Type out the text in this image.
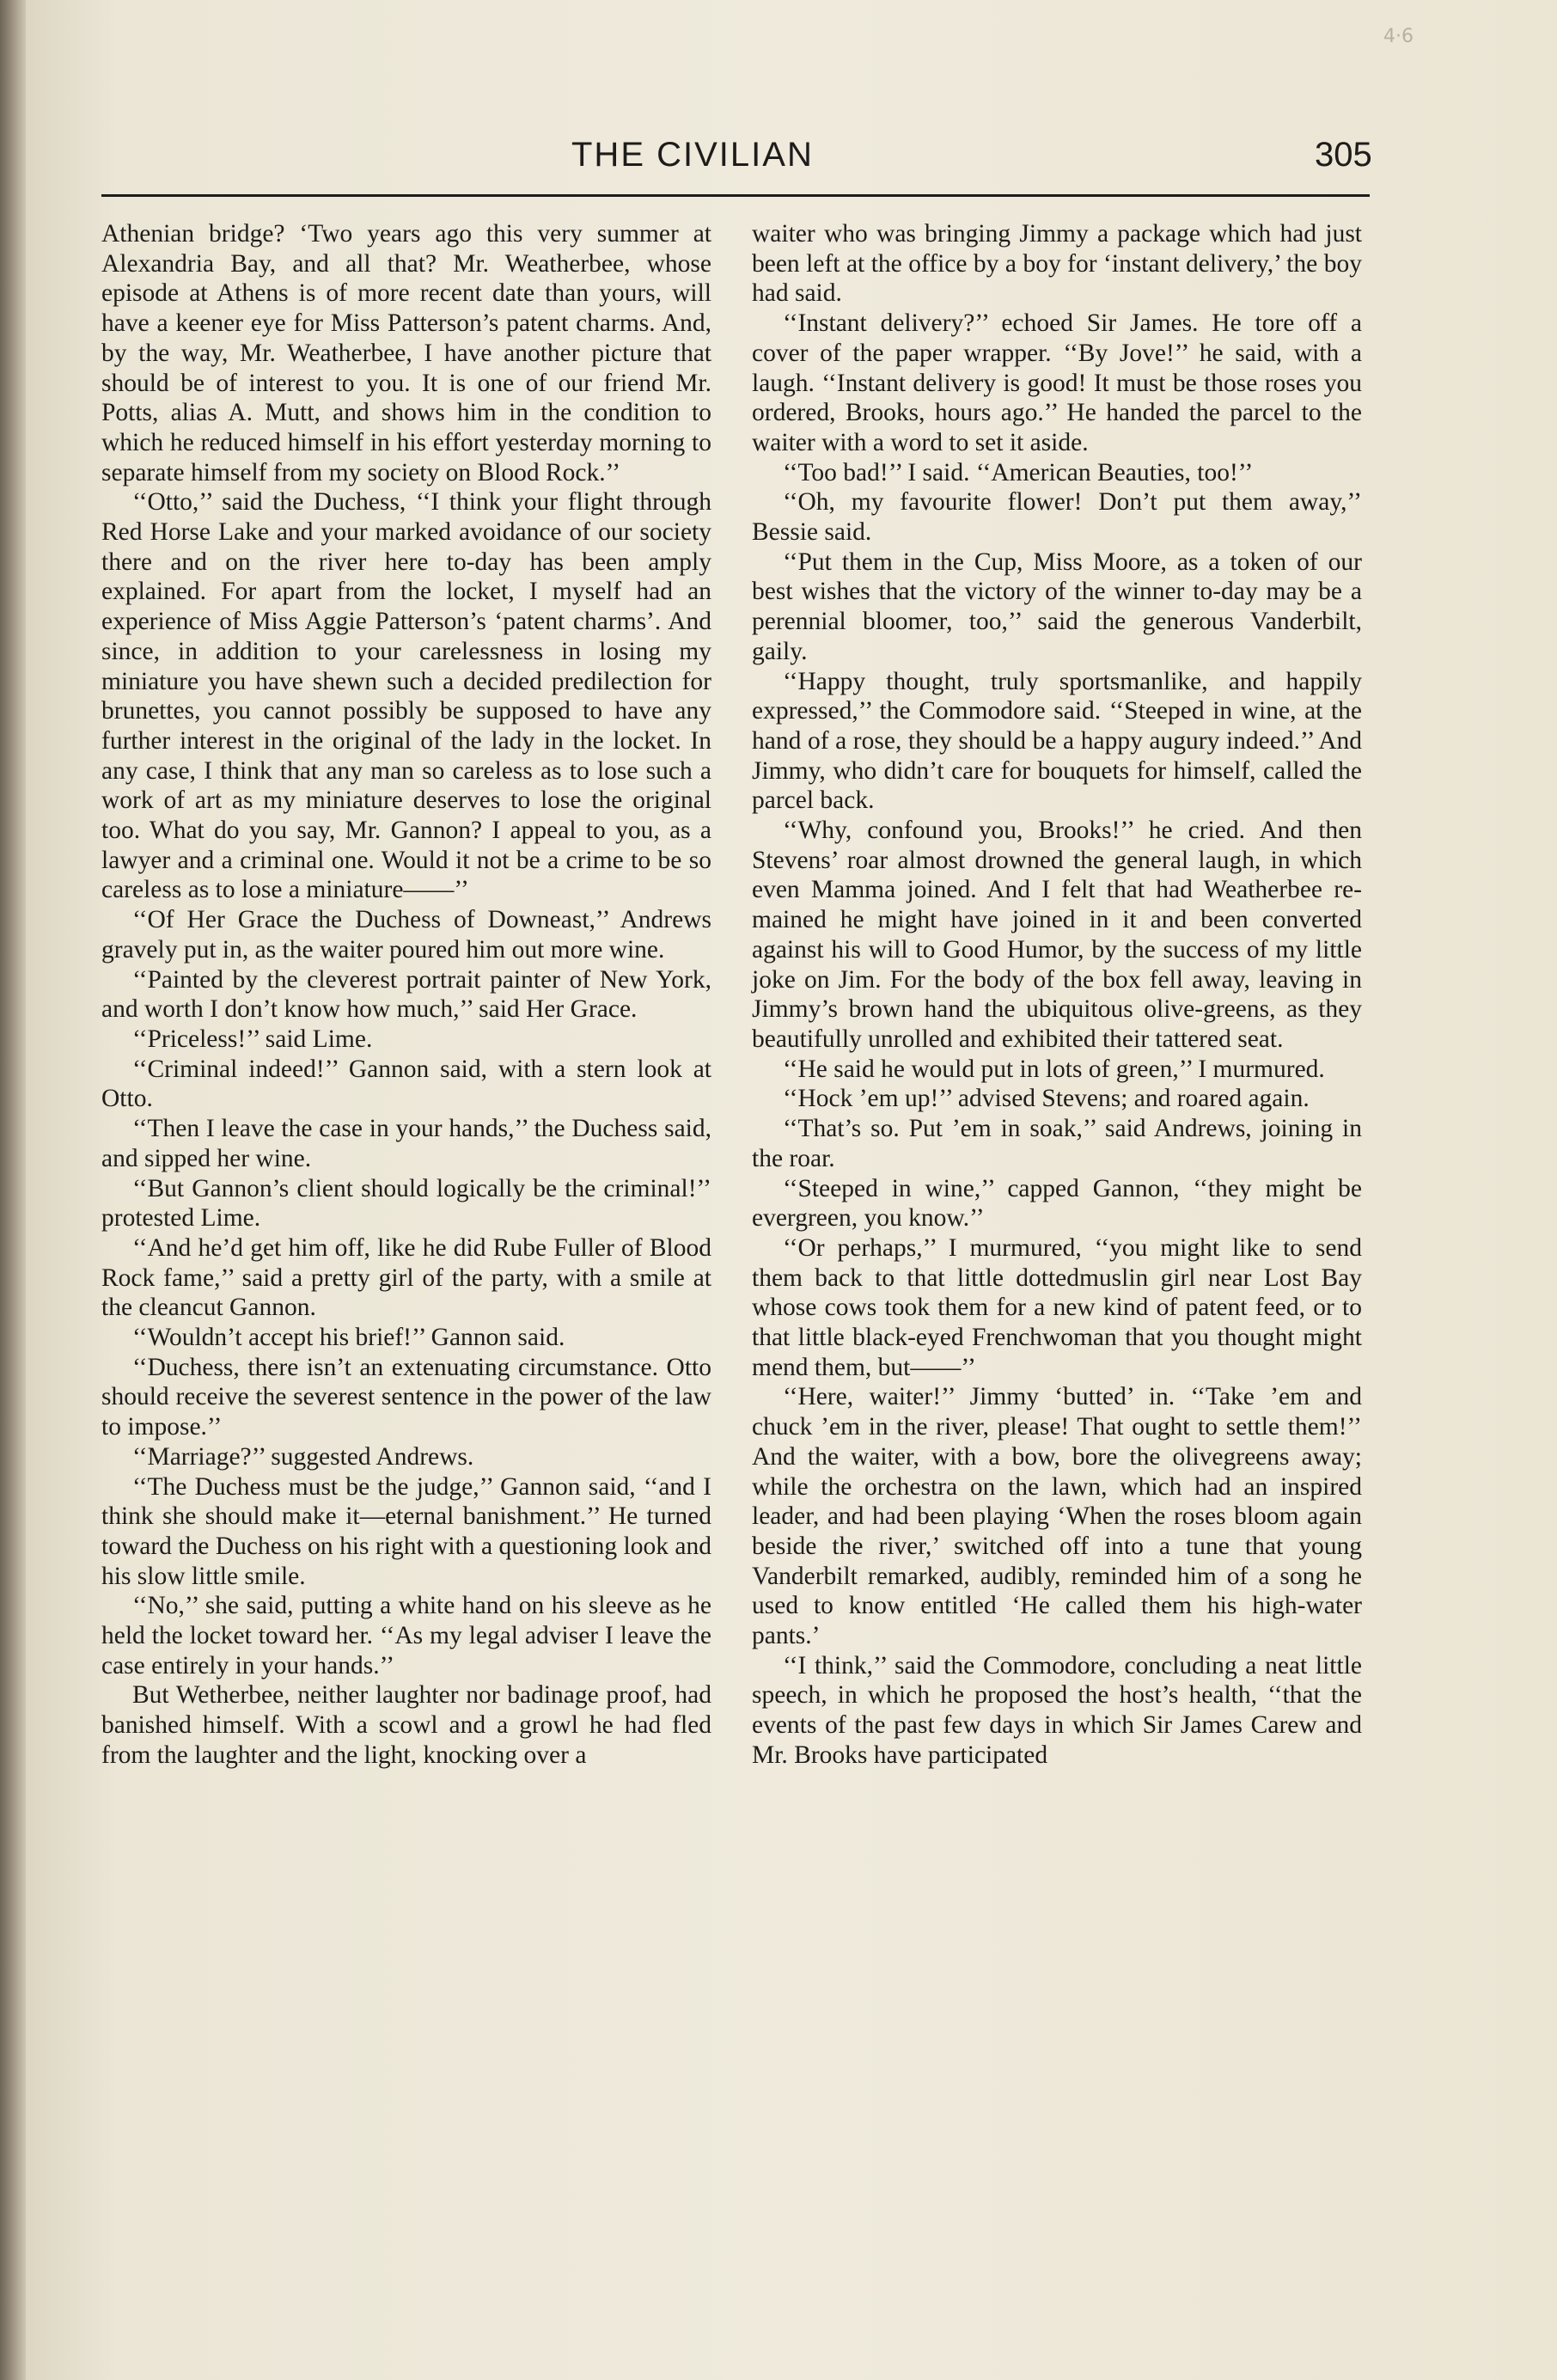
4·6
THE CIVILIAN	305

Athenian bridge? ‘Two years ago this very summer at Alexandria Bay, and all that? Mr. Weatherbee, whose episode at Athens is of more recent date than yours, will have a keener eye for Miss Patterson’s patent charms. And, by the way, Mr. Weatherbee, I have another picture that should be of interest to you. It is one of our friend Mr. Potts, alias A. Mutt, and shows him in the condition to which he reduced himself in his effort yesterday morning to separate himself from my society on Blood Rock.’’

‘‘Otto,’’ said the Duchess, ‘‘I think your flight through Red Horse Lake and your marked avoidance of our society there and on the river here to-day has been amply explained. For apart from the locket, I myself had an experience of Miss Aggie Patterson’s ‘patent charms’. And since, in addition to your carelessness in losing my miniature you have shewn such a decided predilection for brunettes, you cannot possibly be supposed to have any further interest in the original of the lady in the locket. In any case, I think that any man so careless as to lose such a work of art as my miniature deserves to lose the original too. What do you say, Mr. Gannon? I appeal to you, as a lawyer and a criminal one. Would it not be a crime to be so careless as to lose a miniature——’’

‘‘Of Her Grace the Duchess of Downeast,’’ Andrews gravely put in, as the waiter poured him out more wine.

‘‘Painted by the cleverest portrait painter of New York, and worth I don’t know how much,’’ said Her Grace.

‘‘Priceless!’’ said Lime.

‘‘Criminal indeed!’’ Gannon said, with a stern look at Otto.

‘‘Then I leave the case in your hands,’’ the Duchess said, and sipped her wine.

‘‘But Gannon’s client should logically be the criminal!’’ protested Lime.

‘‘And he’d get him off, like he did Rube Fuller of Blood Rock fame,’’ said a pretty girl of the party, with a smile at the cleancut Gannon.

‘‘Wouldn’t accept his brief!’’ Gannon said.

‘‘Duchess, there isn’t an extenuating circumstance. Otto should receive the severest sentence in the power of the law to impose.’’

‘‘Marriage?’’ suggested Andrews.

‘‘The Duchess must be the judge,’’ Gannon said, ‘‘and I think she should make it—eternal banishment.’’ He turned toward the Duchess on his right with a questioning look and his slow little smile.

‘‘No,’’ she said, putting a white hand on his sleeve as he held the locket toward her. ‘‘As my legal adviser I leave the case entirely in your hands.’’

But Wetherbee, neither laughter nor badinage proof, had banished himself. With a scowl and a growl he had fled from the laughter and the light, knocking over a

waiter who was bringing Jimmy a package which had just been left at the office by a boy for ‘instant delivery,’ the boy had said.

‘‘Instant delivery?’’ echoed Sir James. He tore off a cover of the paper wrapper. ‘‘By Jove!’’ he said, with a laugh. ‘‘Instant delivery is good! It must be those roses you ordered, Brooks, hours ago.’’ He handed the parcel to the waiter with a word to set it aside.

‘‘Too bad!’’ I said. ‘‘American Beauties, too!’’

‘‘Oh, my favourite flower! Don’t put them away,’’ Bessie said.

‘‘Put them in the Cup, Miss Moore, as a token of our best wishes that the victory of the winner to-day may be a perennial bloomer, too,’’ said the generous Vanderbilt, gaily.

‘‘Happy thought, truly sportsmanlike, and happily expressed,’’ the Commodore said. ‘‘Steeped in wine, at the hand of a rose, they should be a happy augury indeed.’’ And Jimmy, who didn’t care for bouquets for himself, called the parcel back.

‘‘Why, confound you, Brooks!’’ he cried. And then Stevens’ roar almost drowned the general laugh, in which even Mamma joined. And I felt that had Weatherbee remained he might have joined in it and been converted against his will to Good Humor, by the success of my little joke on Jim. For the body of the box fell away, leaving in Jimmy’s brown hand the ubiquitous olive-greens, as they beautifully unrolled and exhibited their tattered seat.

‘‘He said he would put in lots of green,’’ I murmured.

‘‘Hock ’em up!’’ advised Stevens; and roared again.

‘‘That’s so. Put ’em in soak,’’ said Andrews, joining in the roar.

‘‘Steeped in wine,’’ capped Gannon, ‘‘they might be evergreen, you know.’’

‘‘Or perhaps,’’ I murmured, ‘‘you might like to send them back to that little dottedmuslin girl near Lost Bay whose cows took them for a new kind of patent feed, or to that little black-eyed Frenchwoman that you thought might mend them, but——’’

‘‘Here, waiter!’’ Jimmy ‘butted’ in. ‘‘Take ’em and chuck ’em in the river, please! That ought to settle them!’’ And the waiter, with a bow, bore the olivegreens away; while the orchestra on the lawn, which had an inspired leader, and had been playing ‘When the roses bloom again beside the river,’ switched off into a tune that young Vanderbilt remarked, audibly, reminded him of a song he used to know entitled ‘He called them his high-water pants.’

‘‘I think,’’ said the Commodore, concluding a neat little speech, in which he proposed the host’s health, ‘‘that the events of the past few days in which Sir James Carew and Mr. Brooks have participated
